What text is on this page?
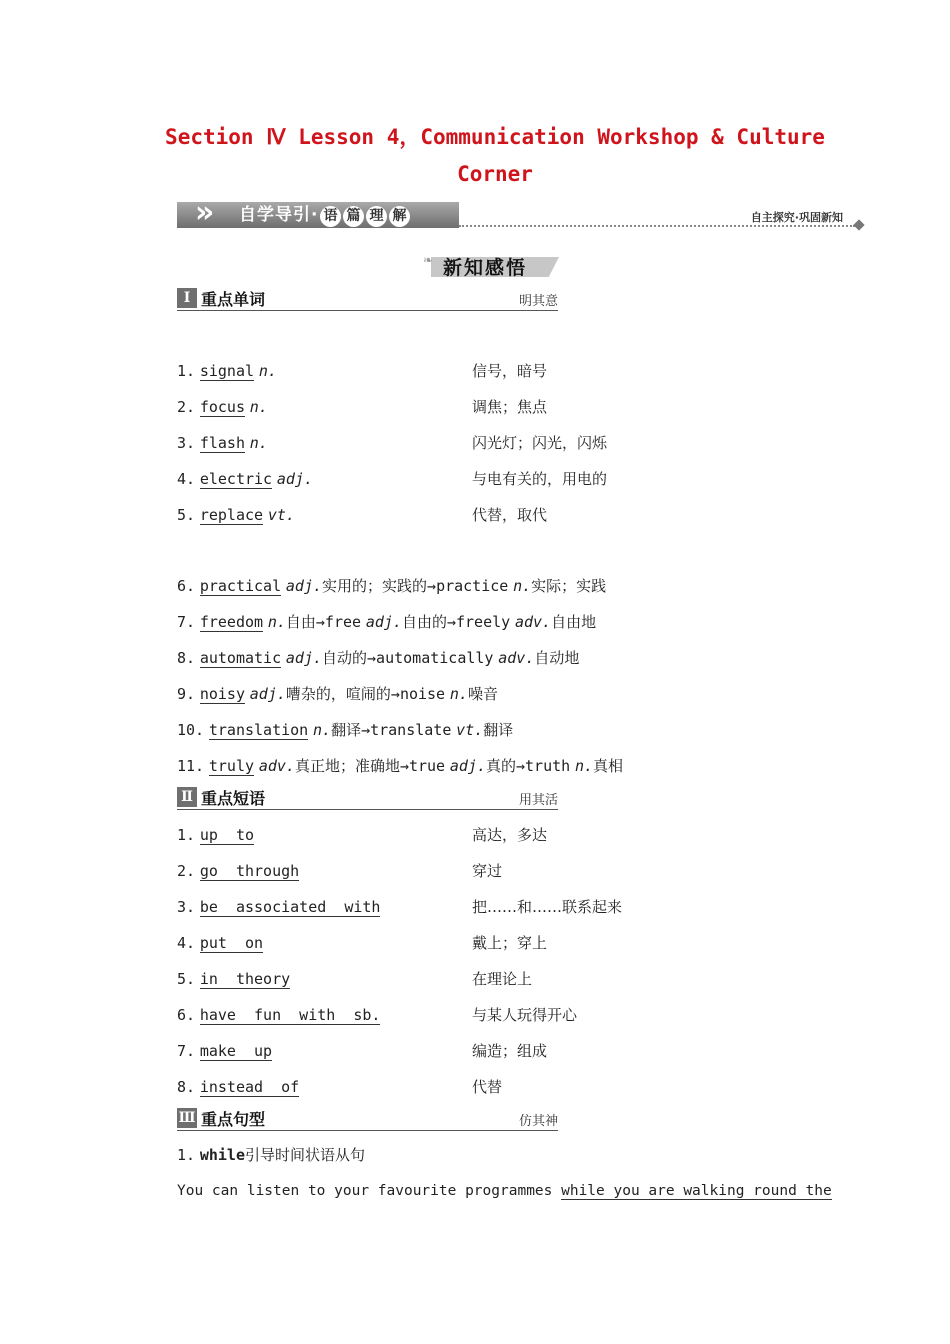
Section Ⅳ Lesson 4，Communication Workshop & Culture
Corner
» 自学导引· 语 篇 理 解	自主探究·巩固新知
❧ 新知感悟
Ⅰ 重点单词	明其意
1. signal n.	信号，暗号
2. focus n.	调焦；焦点
3. flash n.	闪光灯；闪光，闪烁
4. electric adj.	与电有关的，用电的
5. replace vt.	代替，取代
6. practical adj.实用的；实践的→practice n.实际；实践
7. freedom n.自由→free adj.自由的→freely adv.自由地
8. automatic adj.自动的→automatically adv.自动地
9. noisy adj.嘈杂的，喧闹的→noise n.噪音
10. translation n.翻译→translate vt.翻译
11. truly adv.真正地；准确地→true adj.真的→truth n.真相
Ⅱ 重点短语	用其活
1. up  to	高达，多达
2. go  through	穿过
3. be  associated  with	把……和……联系起来
4. put  on	戴上；穿上
5. in  theory	在理论上
6. have  fun  with  sb.	与某人玩得开心
7. make  up	编造；组成
8. instead  of	代替
Ⅲ 重点句型	仿其神
1. while引导时间状语从句
You can listen to your favourite programmes while you are walking round the
